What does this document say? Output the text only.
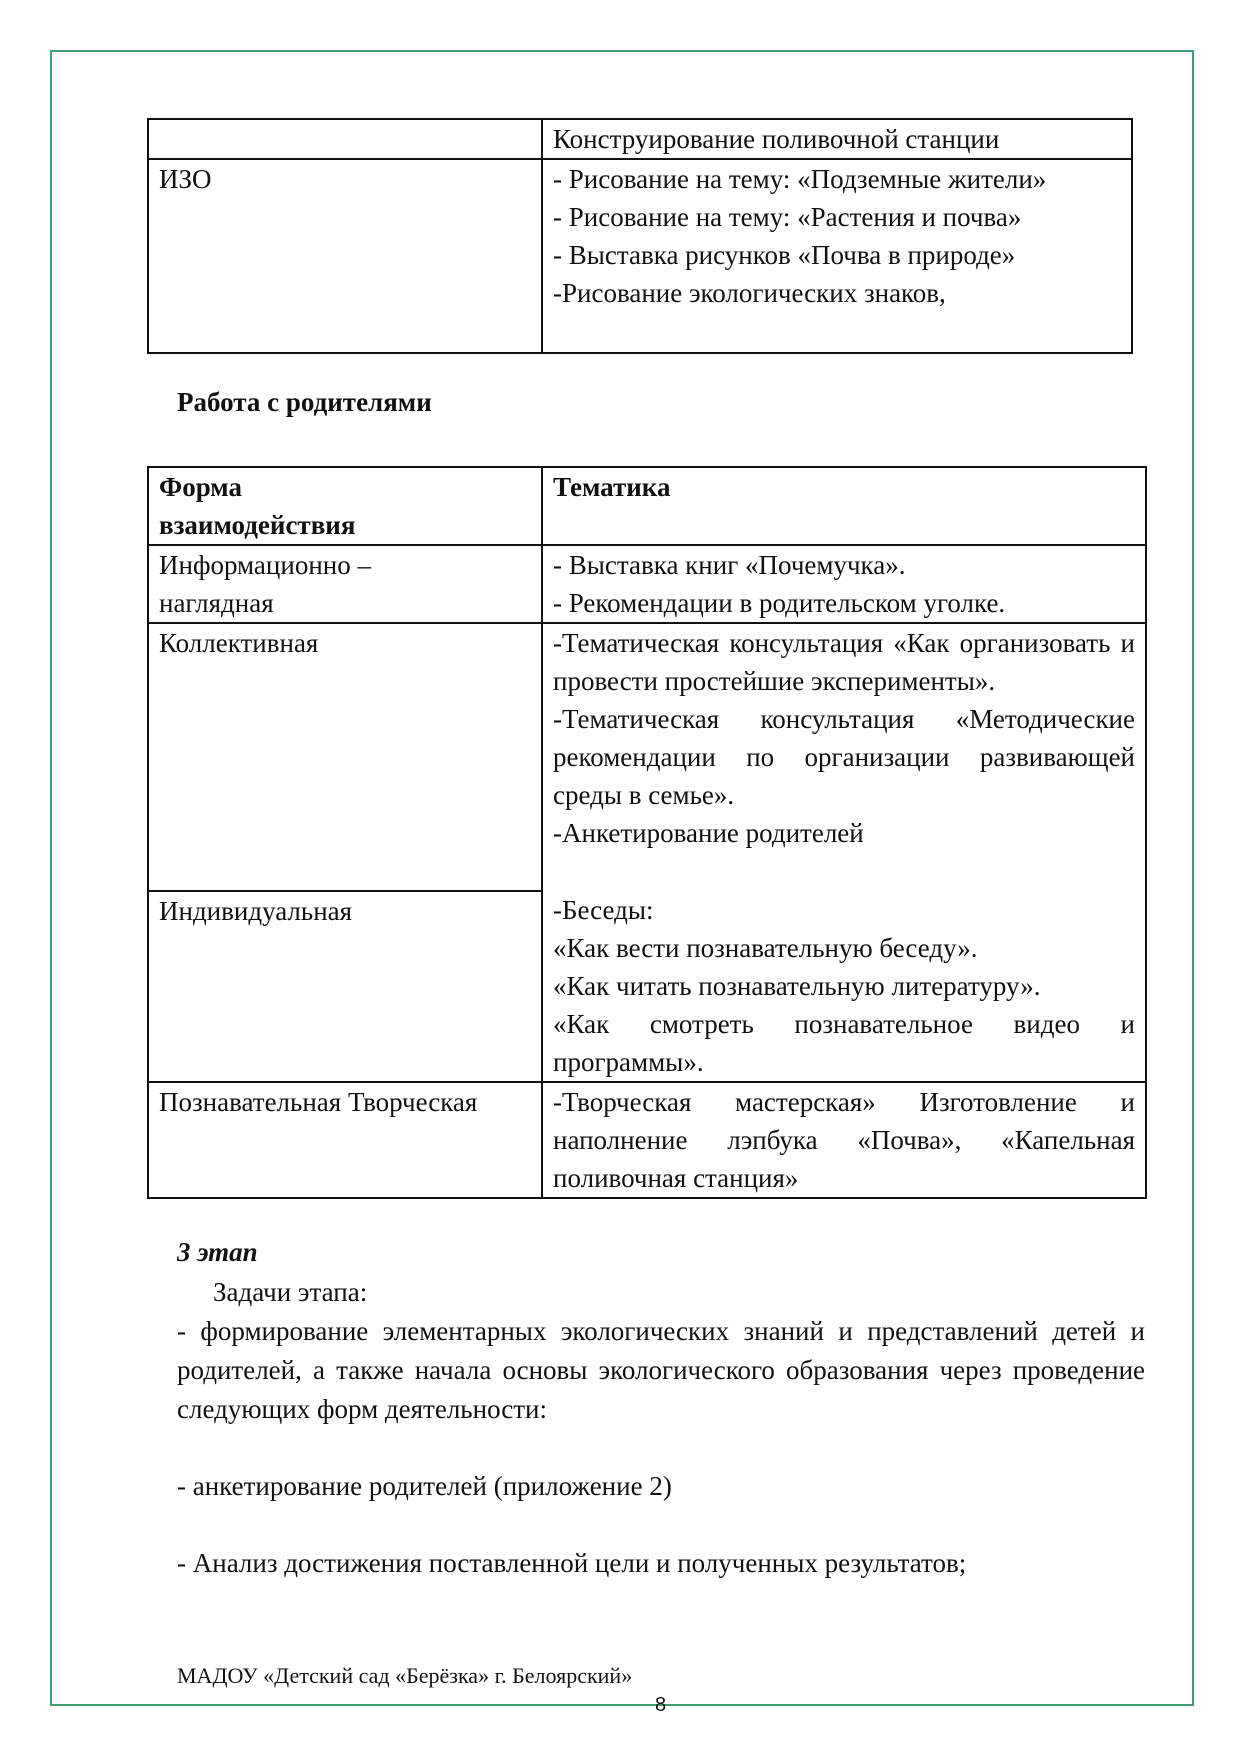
	Конструирование поливочной станции

ИЗО	- Рисование на тему: «Подземные жители»
- Рисование на тему: «Растения и почва»
- Выставка рисунков «Почва в природе»
-Рисование экологических знаков,
Работа с родителями
Форма
взаимодействия	Тематика

Информационно –
наглядная	- Выставка книг «Почемучка».
- Рекомендации в родительском уголке.

Коллективная	-Тематическая консультация «Как организовать и провести простейшие эксперименты».
-Тематическая консультация «Методические рекомендации по организации развивающей среды в семье».
-Анкетирование родителей

Индивидуальная	-Беседы:
«Как вести познавательную беседу».
«Как читать познавательную литературу».
«Как смотреть познавательное видео и программы».

Познавательная Творческая	-Творческая мастерская» Изготовление и наполнение лэпбука «Почва», «Капельная поливочная станция»
3 этап
Задачи этапа:
- формирование элементарных экологических знаний и представлений детей и родителей, а также начала основы экологического образования через проведение следующих форм деятельности:
- анкетирование родителей (приложение 2)
- Анализ достижения поставленной цели и полученных результатов;
МАДОУ «Детский сад «Берёзка» г. Белоярский»
8
